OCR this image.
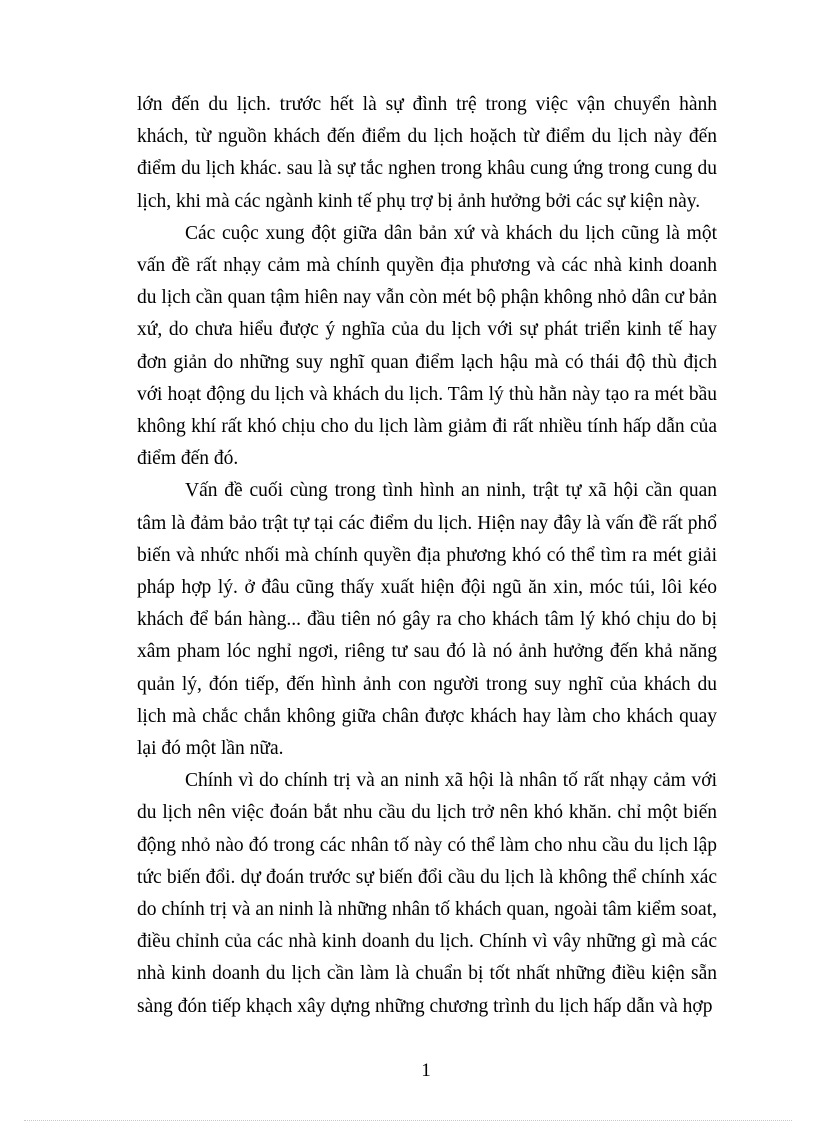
lớn đến du lịch. trước hết là sự đình trệ trong việc vận chuyển hành khách, từ nguồn khách đến điểm du lịch hoặch từ điểm du lịch này đến điểm du lịch khác. sau là sự tắc nghen trong khâu cung ứng trong cung du lịch, khi mà các ngành kinh tế phụ trợ bị ảnh hưởng bởi các sự kiện này.

Các cuộc xung đột giữa dân bản xứ và khách du lịch cũng là một vấn đề rất nhạy cảm mà chính quyền địa phương và các nhà kinh doanh du lịch cần quan tậm hiên nay vẫn còn mét bộ phận không nhỏ dân cư bản xứ, do chưa hiểu được ý nghĩa của du lịch với sự phát triển kinh tế hay đơn giản do những suy nghĩ quan điểm lạch hậu mà có thái độ thù địch với hoạt động du lịch và khách du lịch. Tâm lý thù hằn này tạo ra mét bầu không khí rất khó chịu cho du lịch làm giảm đi rất nhiều tính hấp dẫn của điểm đến đó.

Vấn đề cuối cùng trong tình hình an ninh, trật tự xã hội cần quan tâm là đảm bảo trật tự tại các điểm du lịch. Hiện nay đây là vấn đề rất phổ biến và nhức nhối mà chính quyền địa phương khó có thể tìm ra mét giải pháp hợp lý. ở đâu cũng thấy xuất hiện đội ngũ ăn xin, móc túi, lôi kéo khách để bán hàng... đầu tiên nó gây ra cho khách tâm lý khó chịu do bị xâm pham lóc nghỉ ngơi, riêng tư sau đó là nó ảnh hưởng đến khả năng quản lý, đón tiếp, đến hình ảnh con người trong suy nghĩ của khách du lịch mà chắc chắn không giữa chân được khách hay làm cho khách quay lại đó một lần nữa.

Chính vì do chính trị và an ninh xã hội là nhân tố rất nhạy cảm với du lịch nên việc đoán bắt nhu cầu du lịch trở nên khó khăn. chỉ một biến động nhỏ nào đó trong các nhân tố này có thể làm cho nhu cầu du lịch lập tức biến đổi. dự đoán trước sự biến đổi cầu du lịch là không thể chính xác do chính trị và an ninh là những nhân tố khách quan, ngoài tâm kiểm soat, điều chỉnh của các nhà kinh doanh du lịch. Chính vì vây những gì mà các nhà kinh doanh du lịch cần làm là chuẩn bị tốt nhất những điều kiện sẵn sàng đón tiếp khạch xây dựng những chương trình du lịch hấp dẫn và hợp

1
